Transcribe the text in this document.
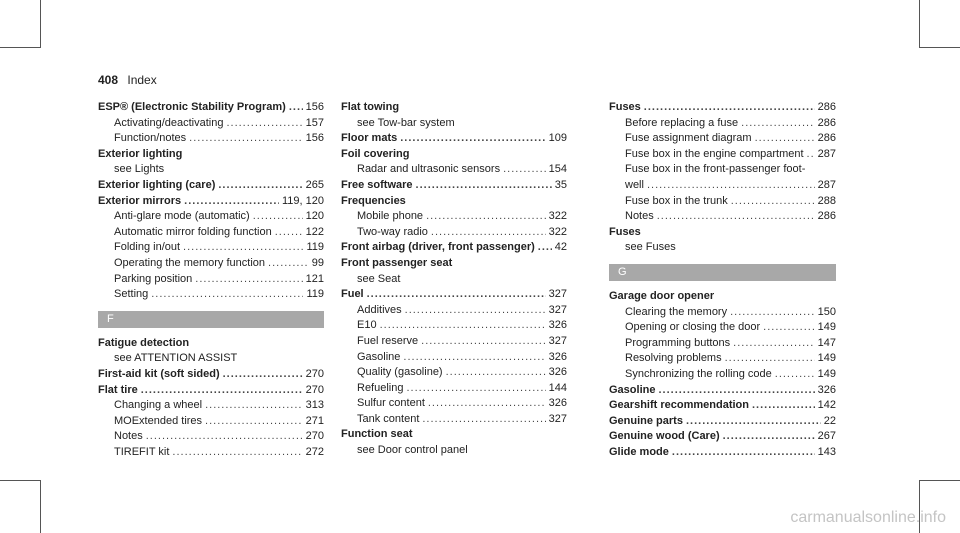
408 Index
ESP® (Electronic Stability Program) ..... 156
Activating/deactivating .....	157
Function/notes .....	156
Exterior lighting
see Lights
Exterior lighting (care) .....	265
Exterior mirrors .....	119, 120
Anti-glare mode (automatic) .....	120
Automatic mirror folding function .....	122
Folding in/out .....	119
Operating the memory function .....	99
Parking position .....	121
Setting .....	119
F
Fatigue detection
see ATTENTION ASSIST
First-aid kit (soft sided) .....	270
Flat tire .....	270
Changing a wheel .....	313
MOExtended tires .....	271
Notes .....	270
TIREFIT kit .....	272
Flat towing
see Tow-bar system
Floor mats .....	109
Foil covering
Radar and ultrasonic sensors .....	154
Free software .....	35
Frequencies
Mobile phone .....	322
Two-way radio .....	322
Front airbag (driver, front passenger) ..... 42
Front passenger seat
see Seat
Fuel .....	327
Additives .....	327
E10 .....	326
Fuel reserve .....	327
Gasoline .....	326
Quality (gasoline) .....	326
Refueling .....	144
Sulfur content .....	326
Tank content .....	327
Function seat
see Door control panel
Fuses .....	286
Before replacing a fuse .....	286
Fuse assignment diagram .....	286
Fuse box in the engine compartment ..... 287
Fuse box in the front-passenger foot-
well .....	287
Fuse box in the trunk .....	288
Notes .....	286
Fuses
see Fuses
G
Garage door opener
Clearing the memory .....	150
Opening or closing the door .....	149
Programming buttons .....	147
Resolving problems .....	149
Synchronizing the rolling code .....	149
Gasoline .....	326
Gearshift recommendation .....	142
Genuine parts .....	22
Genuine wood (Care) .....	267
Glide mode .....	143
carmanualsonline.info
